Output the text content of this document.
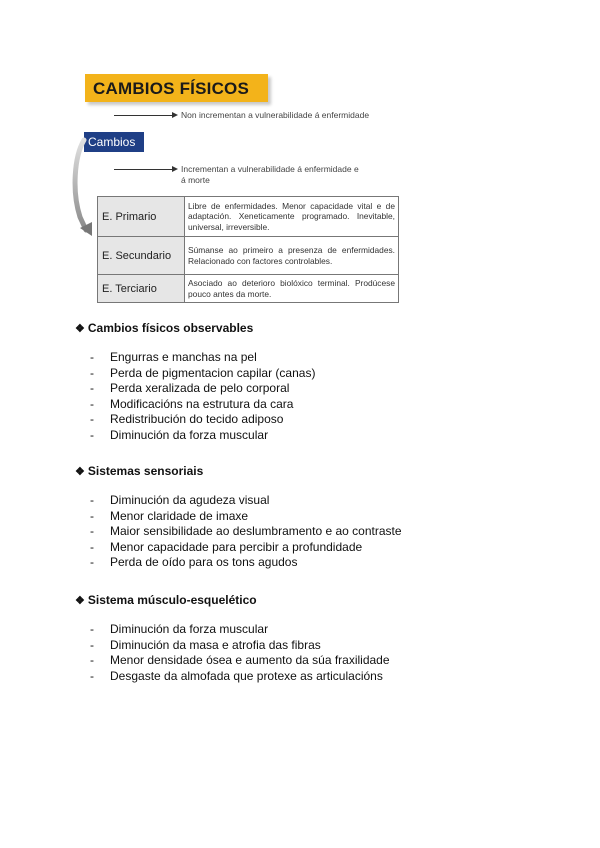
CAMBIOS FÍSICOS
Non incrementan a vulnerabilidade á enfermidade
Cambios
Incrementan a vulnerabilidade á enfermidade e
á morte
E. Primario	Libre de enfermidades. Menor capacidade vital e de adaptación. Xeneticamente programado. Inevitable, universal, irreversible.
E. Secundario	Súmanse ao primeiro a presenza de enfermidades. Relacionado con factores controlables.
E. Terciario	Asociado ao deterioro biolóxico terminal. Prodúcese pouco antes da morte.
❖ Cambios físicos observables
- Engurras e manchas na pel
- Perda de pigmentacion capilar (canas)
- Perda xeralizada de pelo corporal
- Modificacións na estrutura da cara
- Redistribución do tecido adiposo
- Diminución da forza muscular
❖ Sistemas sensoriais
- Diminución da agudeza visual
- Menor claridade de imaxe
- Maior sensibilidade ao deslumbramento e ao contraste
- Menor capacidade para percibir a profundidade
- Perda de oído para os tons agudos
❖ Sistema músculo-esquelético
- Diminución da forza muscular
- Diminución da masa e atrofia das fibras
- Menor densidade ósea e aumento da súa fraxilidade
- Desgaste da almofada que protexe as articulacións
